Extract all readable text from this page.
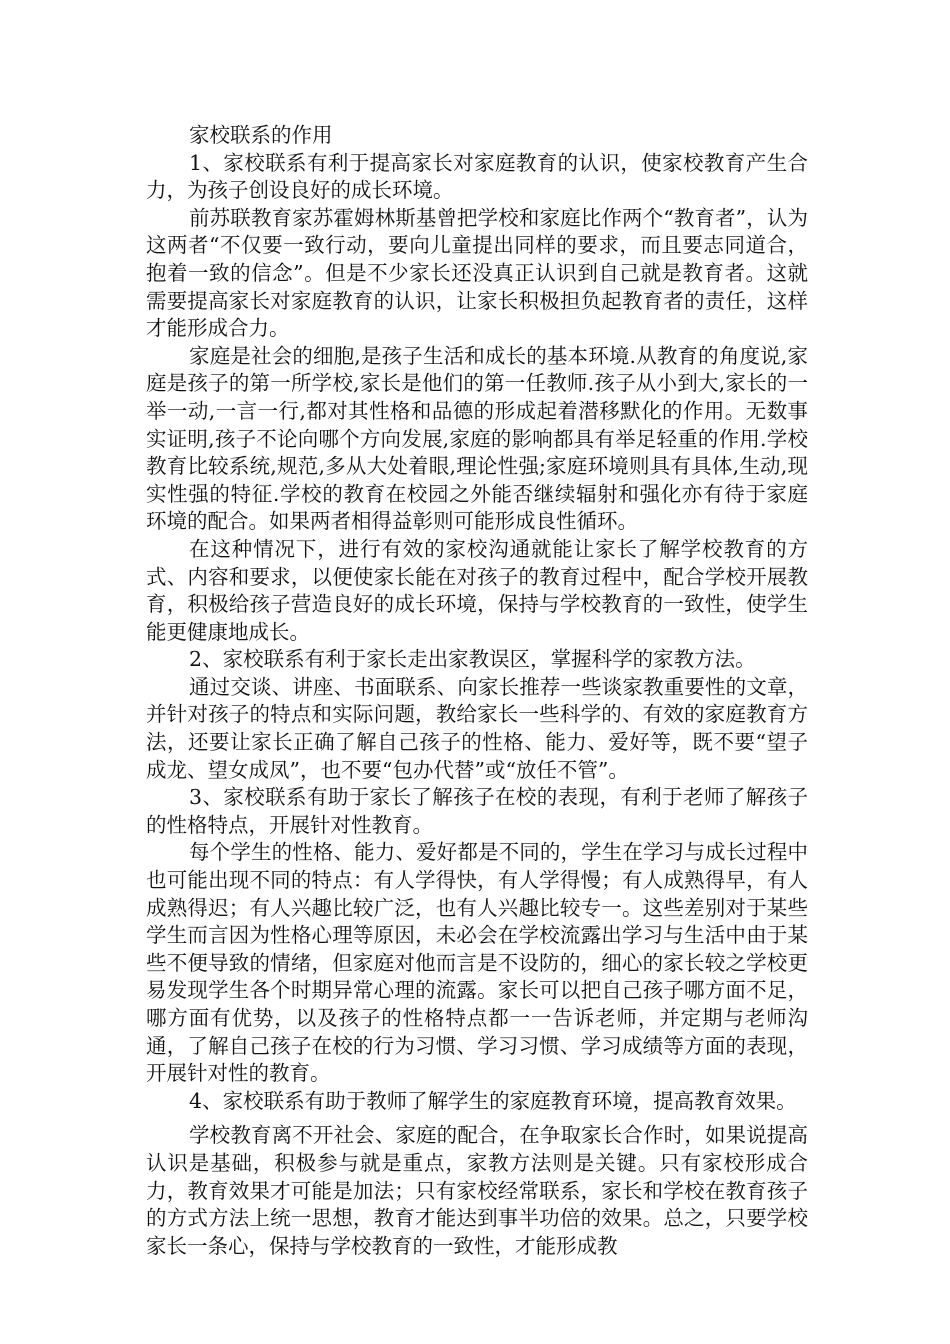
家校联系的作用

1、家校联系有利于提高家长对家庭教育的认识，使家校教育产生合力，为孩子创设良好的成长环境。

前苏联教育家苏霍姆林斯基曾把学校和家庭比作两个“教育者”，认为这两者“不仅要一致行动，要向儿童提出同样的要求，而且要志同道合，抱着一致的信念”。但是不少家长还没真正认识到自己就是教育者。这就需要提高家长对家庭教育的认识，让家长积极担负起教育者的责任，这样才能形成合力。

家庭是社会的细胞,是孩子生活和成长的基本环境.从教育的角度说,家庭是孩子的第一所学校,家长是他们的第一任教师.孩子从小到大,家长的一举一动,一言一行,都对其性格和品德的形成起着潜移默化的作用。无数事实证明,孩子不论向哪个方向发展,家庭的影响都具有举足轻重的作用.学校教育比较系统,规范,多从大处着眼,理论性强;家庭环境则具有具体,生动,现实性强的特征.学校的教育在校园之外能否继续辐射和强化亦有待于家庭环境的配合。如果两者相得益彰则可能形成良性循环。

在这种情况下，进行有效的家校沟通就能让家长了解学校教育的方式、内容和要求，以便使家长能在对孩子的教育过程中，配合学校开展教育，积极给孩子营造良好的成长环境，保持与学校教育的一致性，使学生能更健康地成长。

2、家校联系有利于家长走出家教误区，掌握科学的家教方法。

通过交谈、讲座、书面联系、向家长推荐一些谈家教重要性的文章，并针对孩子的特点和实际问题，教给家长一些科学的、有效的家庭教育方法，还要让家长正确了解自己孩子的性格、能力、爱好等，既不要“望子成龙、望女成凤”，也不要“包办代替”或“放任不管”。

3、家校联系有助于家长了解孩子在校的表现，有利于老师了解孩子的性格特点，开展针对性教育。

每个学生的性格、能力、爱好都是不同的，学生在学习与成长过程中也可能出现不同的特点：有人学得快，有人学得慢；有人成熟得早，有人成熟得迟；有人兴趣比较广泛，也有人兴趣比较专一。这些差别对于某些学生而言因为性格心理等原因，未必会在学校流露出学习与生活中由于某些不便导致的情绪，但家庭对他而言是不设防的，细心的家长较之学校更易发现学生各个时期异常心理的流露。家长可以把自己孩子哪方面不足，哪方面有优势，以及孩子的性格特点都一一告诉老师，并定期与老师沟通，了解自己孩子在校的行为习惯、学习习惯、学习成绩等方面的表现，开展针对性的教育。

4、家校联系有助于教师了解学生的家庭教育环境，提高教育效果。

学校教育离不开社会、家庭的配合，在争取家长合作时，如果说提高认识是基础，积极参与就是重点，家教方法则是关键。只有家校形成合力，教育效果才可能是加法；只有家校经常联系，家长和学校在教育孩子的方式方法上统一思想，教育才能达到事半功倍的效果。总之，只要学校家长一条心，保持与学校教育的一致性，才能形成教
